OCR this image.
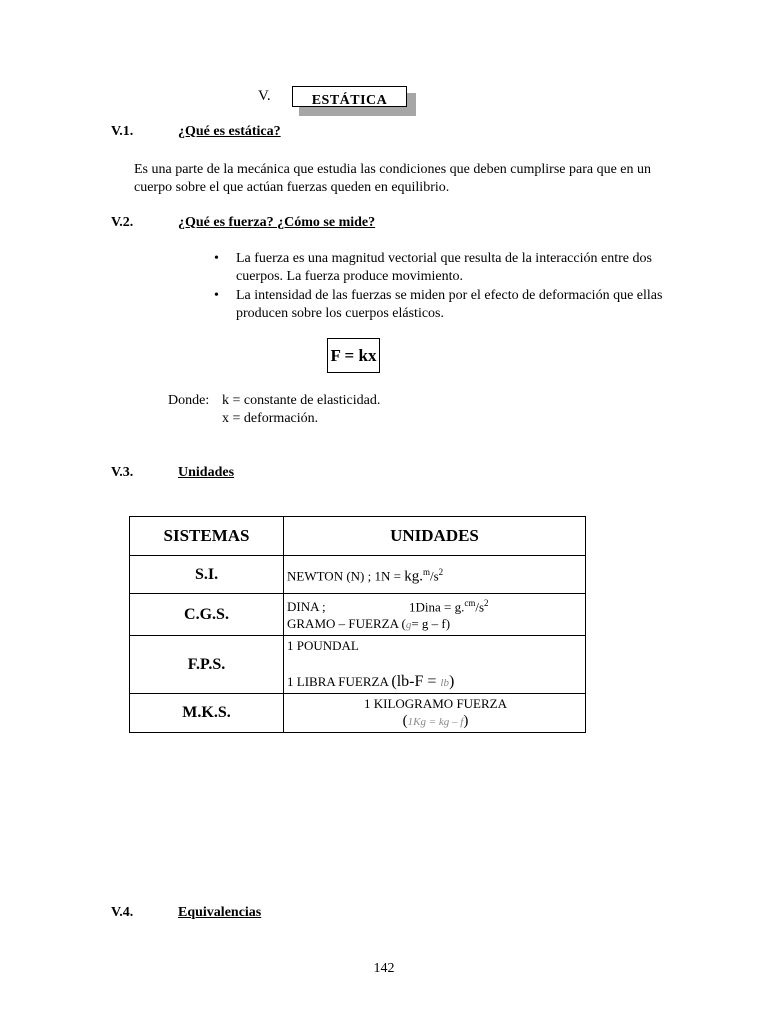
V.	ESTÁTICA
V.1.	¿Qué es estática?
Es una parte de la mecánica que estudia las condiciones que deben cumplirse para que en un
cuerpo sobre el que actúan fuerzas queden en equilibrio.
V.2.	¿Qué es fuerza? ¿Cómo se mide?
• La fuerza es una magnitud vectorial que resulta de la interacción entre dos
cuerpos. La fuerza produce movimiento.
• La intensidad de las fuerzas se miden por el efecto de deformación que ellas
producen sobre los cuerpos elásticos.
F = kx
Donde: k = constante de elasticidad.
x = deformación.
V.3.	Unidades
SISTEMAS	UNIDADES
S.I.	NEWTON (N) ; $1N = kg.^m/s^2$
C.G.S.	DINA ; 1Dina = $g.^{cm}/s^2$
GRAMO – FUERZA (g= g – f)

F.P.S.	1 POUNDAL
1 LIBRA FUERZA (lb-F = lb)

M.K.S.	1 KILOGRAMO FUERZA
(1Kg = kg – f)
V.4.	Equivalencias
142
